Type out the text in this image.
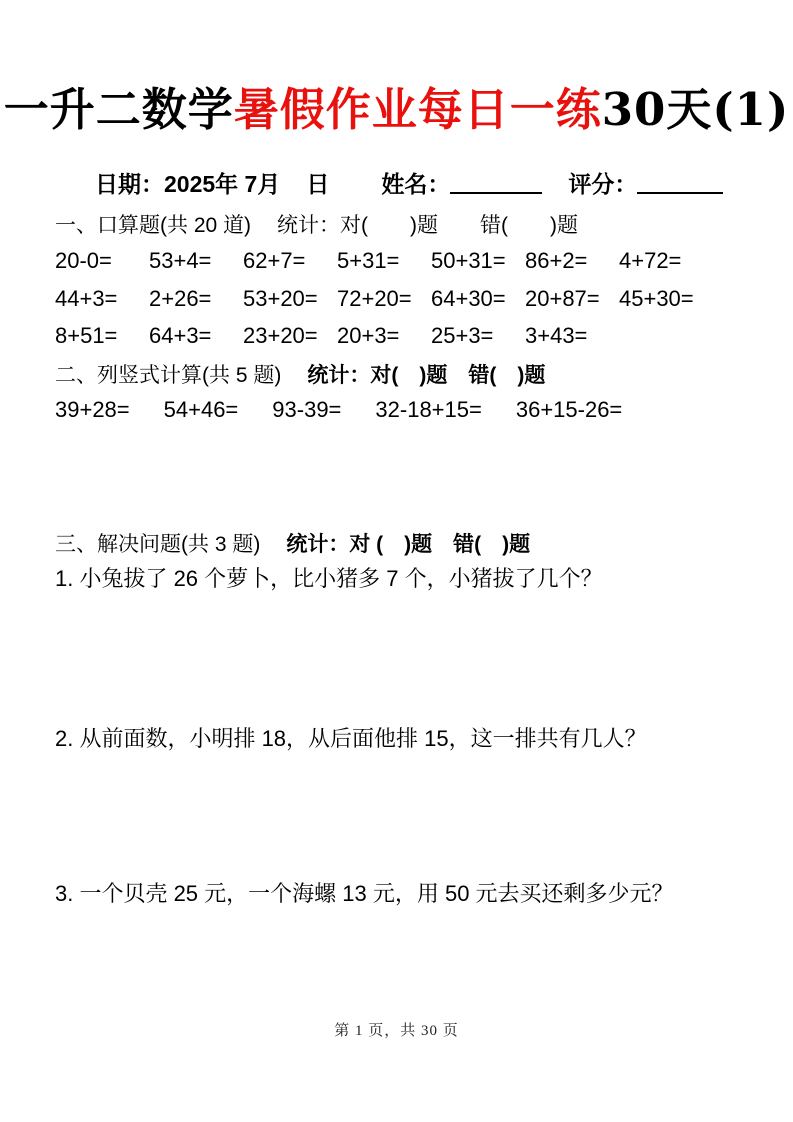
一升二数学暑假作业每日一练30天(1)
日期：2025年 7月 日 姓名：	评分：
一、口算题(共 20 道) 统计：对(　　)题　　错(　　)题
20-0=	53+4=	62+7=	5+31=	50+31= 86+2=	4+72=
44+3=	2+26=	53+20= 72+20= 64+30= 20+87= 45+30=
8+51=	64+3=	23+20= 20+3=	25+3=	3+43=
二、列竖式计算(共 5 题) 统计：对(　)题　错(　)题
39+28= 54+46= 93-39= 32-18+15= 36+15-26=
三、解决问题(共 3 题) 统计：对 (　)题　错(　)题
1. 小兔拔了 26 个萝卜，比小猪多 7 个，小猪拔了几个？
2. 从前面数，小明排 18，从后面他排 15，这一排共有几人？
3. 一个贝壳 25 元，一个海螺 13 元，用 50 元去买还剩多少元？
第 1 页，共 30 页
